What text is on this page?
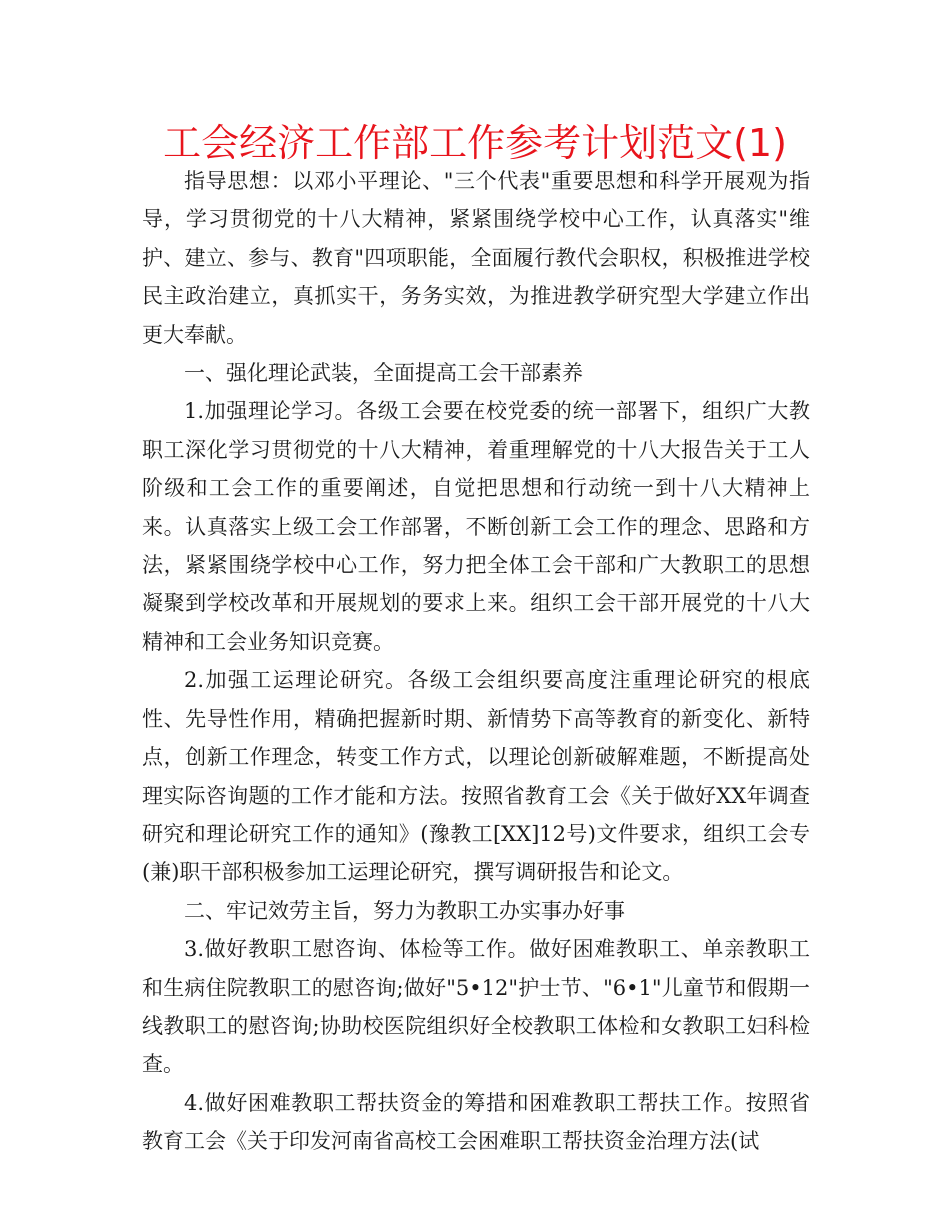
工会经济工作部工作参考计划范文(1)

指导思想：以邓小平理论、"三个代表"重要思想和科学开展观为指导，学习贯彻党的十八大精神，紧紧围绕学校中心工作，认真落实"维护、建立、参与、教育"四项职能，全面履行教代会职权，积极推进学校民主政治建立，真抓实干，务务实效，为推进教学研究型大学建立作出更大奉献。

一、强化理论武装，全面提高工会干部素养

1.加强理论学习。各级工会要在校党委的统一部署下，组织广大教职工深化学习贯彻党的十八大精神，着重理解党的十八大报告关于工人阶级和工会工作的重要阐述，自觉把思想和行动统一到十八大精神上来。认真落实上级工会工作部署，不断创新工会工作的理念、思路和方法，紧紧围绕学校中心工作，努力把全体工会干部和广大教职工的思想凝聚到学校改革和开展规划的要求上来。组织工会干部开展党的十八大精神和工会业务知识竞赛。

2.加强工运理论研究。各级工会组织要高度注重理论研究的根底性、先导性作用，精确把握新时期、新情势下高等教育的新变化、新特点，创新工作理念，转变工作方式，以理论创新破解难题，不断提高处理实际咨询题的工作才能和方法。按照省教育工会《关于做好XX年调查研究和理论研究工作的通知》(豫教工[XX]12号)文件要求，组织工会专(兼)职干部积极参加工运理论研究，撰写调研报告和论文。

二、牢记效劳主旨，努力为教职工办实事办好事

3.做好教职工慰咨询、体检等工作。做好困难教职工、单亲教职工和生病住院教职工的慰咨询;做好"5•12"护士节、"6•1"儿童节和假期一线教职工的慰咨询;协助校医院组织好全校教职工体检和女教职工妇科检查。

4.做好困难教职工帮扶资金的筹措和困难教职工帮扶工作。按照省教育工会《关于印发河南省高校工会困难职工帮扶资金治理方法(试
